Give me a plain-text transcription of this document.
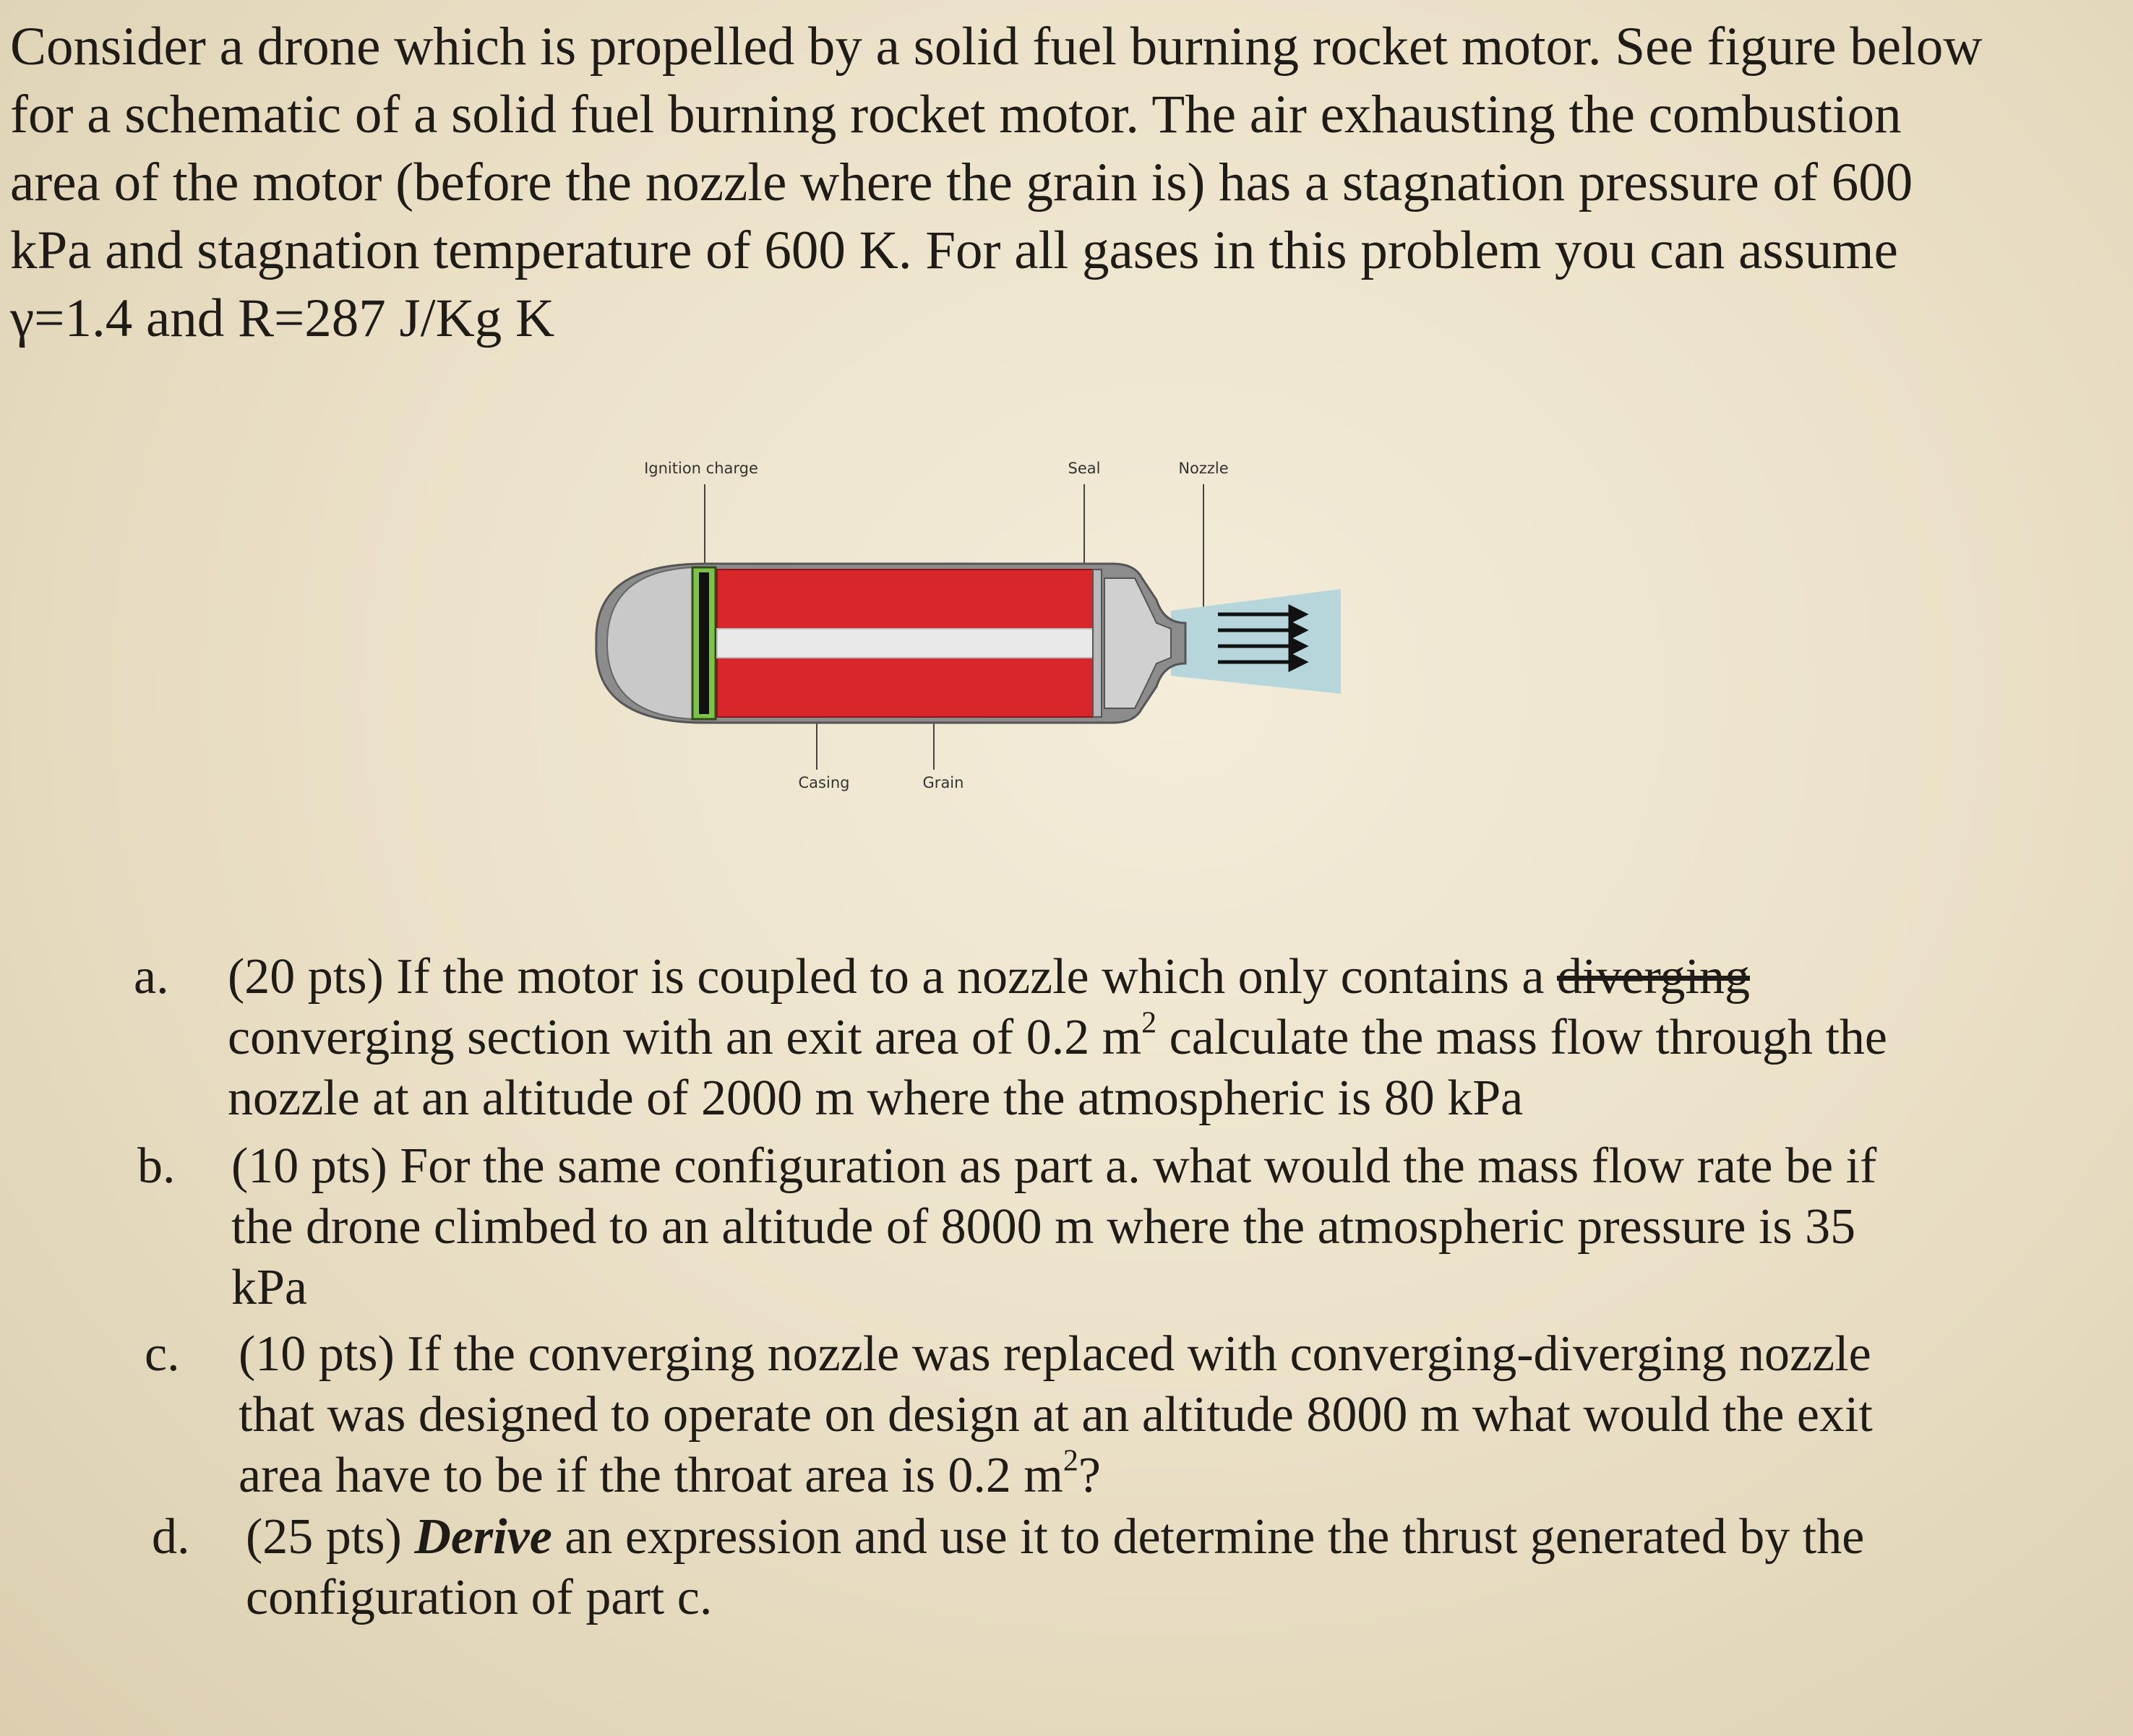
Consider a drone which is propelled by a solid fuel burning rocket motor. See figure below
for a schematic of a solid fuel burning rocket motor. The air exhausting the combustion
area of the motor (before the nozzle where the grain is) has a stagnation pressure of 600
kPa and stagnation temperature of 600 K. For all gases in this problem you can assume
γ=1.4 and R=287 J/Kg K
Ignition charge	Seal	Nozzle
Casing	Grain
a. (20 pts) If the motor is coupled to a nozzle which only contains a diverging
converging section with an exit area of 0.2 $m^2$ calculate the mass flow through the
nozzle at an altitude of 2000 m where the atmospheric is 80 kPa
b. (10 pts) For the same configuration as part a. what would the mass flow rate be if
the drone climbed to an altitude of 8000 m where the atmospheric pressure is 35
kPa
c. (10 pts) If the converging nozzle was replaced with converging-diverging nozzle
that was designed to operate on design at an altitude 8000 m what would the exit
area have to be if the throat area is 0.2 $m^2$?
d. (25 pts) Derive an expression and use it to determine the thrust generated by the
configuration of part c.
